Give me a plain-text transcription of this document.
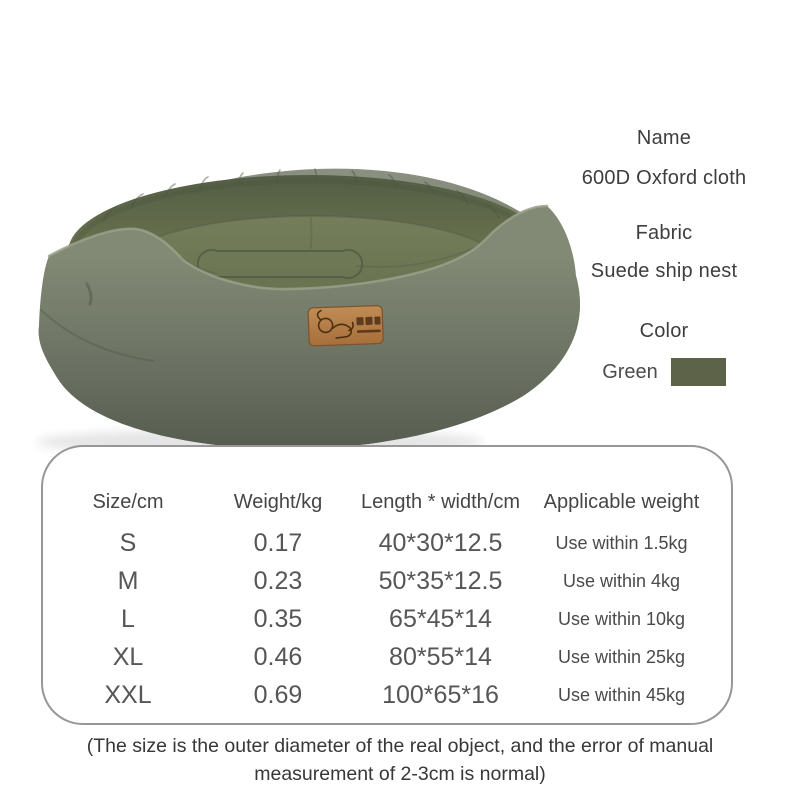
Name
600D Oxford cloth
Fabric
Suede ship nest
Color
Green
Size/cm	Weight/kg	Length * width/cm	Applicable weight
S	0.17	40*30*12.5	Use within 1.5kg
M	0.23	50*35*12.5	Use within 4kg
L	0.35	65*45*14	Use within 10kg
XL	0.46	80*55*14	Use within 25kg
XXL	0.69	100*65*16	Use within 45kg
(The size is the outer diameter of the real object, and the error of manual measurement of 2-3cm is normal)
